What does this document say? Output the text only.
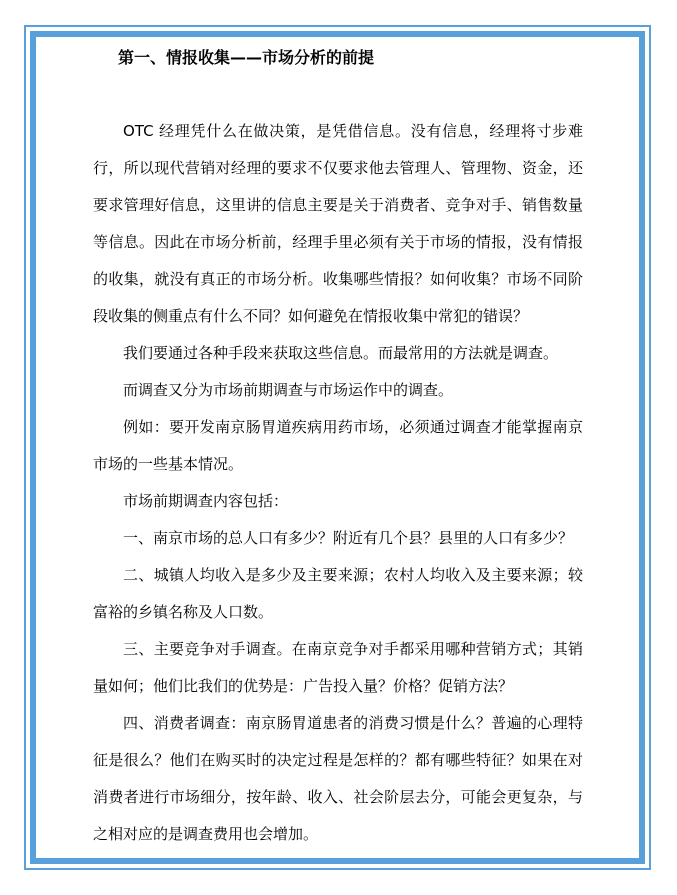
第一、情报收集——市场分析的前提

OTC 经理凭什么在做决策，是凭借信息。没有信息，经理将寸步难行，所以现代营销对经理的要求不仅要求他去管理人、管理物、资金，还要求管理好信息，这里讲的信息主要是关于消费者、竞争对手、销售数量等信息。因此在市场分析前，经理手里必须有关于市场的情报，没有情报的收集，就没有真正的市场分析。收集哪些情报？如何收集？市场不同阶段收集的侧重点有什么不同？如何避免在情报收集中常犯的错误？

我们要通过各种手段来获取这些信息。而最常用的方法就是调查。

而调查又分为市场前期调查与市场运作中的调查。

例如：要开发南京肠胃道疾病用药市场，必须通过调查才能掌握南京市场的一些基本情况。

市场前期调查内容包括：

一、南京市场的总人口有多少？附近有几个县？县里的人口有多少？

二、城镇人均收入是多少及主要来源；农村人均收入及主要来源；较富裕的乡镇名称及人口数。

三、主要竞争对手调查。在南京竞争对手都采用哪种营销方式；其销量如何；他们比我们的优势是：广告投入量？价格？促销方法？

四、消费者调查：南京肠胃道患者的消费习惯是什么？普遍的心理特征是很么？他们在购买时的决定过程是怎样的？都有哪些特征？如果在对消费者进行市场细分，按年龄、收入、社会阶层去分，可能会更复杂，与之相对应的是调查费用也会增加。
